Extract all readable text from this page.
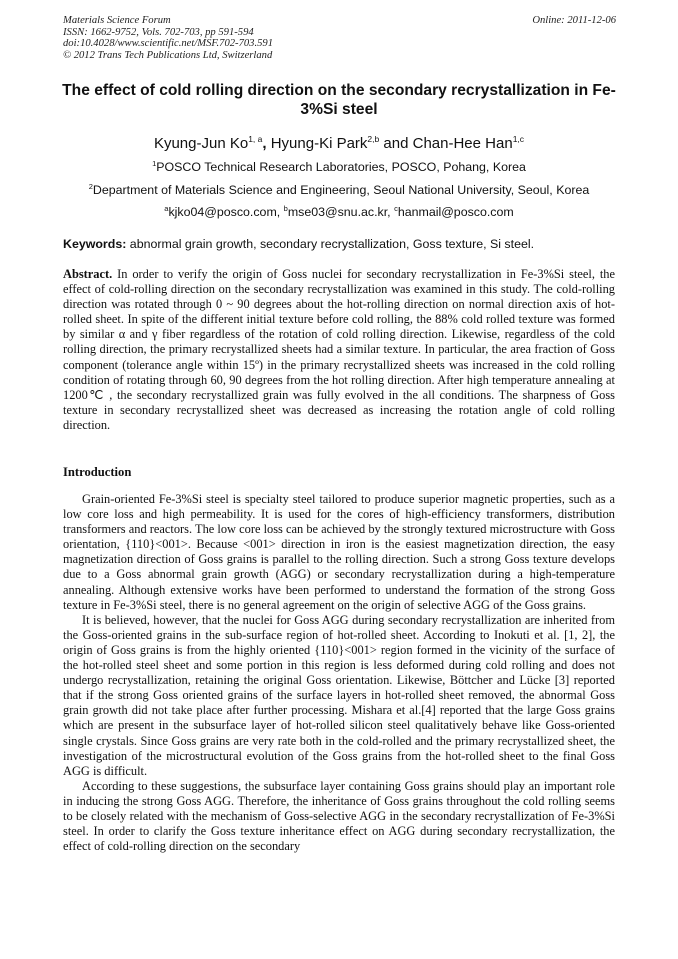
Materials Science Forum
ISSN: 1662-9752, Vols. 702-703, pp 591-594
doi:10.4028/www.scientific.net/MSF.702-703.591
© 2012 Trans Tech Publications Ltd, Switzerland
Online: 2011-12-06
The effect of cold rolling direction on the secondary recrystallization in Fe-3%Si steel
Kyung-Jun Ko$^{1, a}$, Hyung-Ki Park$^{2,b}$ and Chan-Hee Han$^{1,c}$
$^1$POSCO Technical Research Laboratories, POSCO, Pohang, Korea
$^2$Department of Materials Science and Engineering, Seoul National University, Seoul, Korea
$^a$kjko04@posco.com, $^b$mse03@snu.ac.kr, $^c$hanmail@posco.com
Keywords: abnormal grain growth, secondary recrystallization, Goss texture, Si steel.
Abstract. In order to verify the origin of Goss nuclei for secondary recrystallization in Fe-3%Si steel, the effect of cold-rolling direction on the secondary recrystallization was examined in this study. The cold-rolling direction was rotated through 0 ~ 90 degrees about the hot-rolling direction on normal direction axis of hot-rolled sheet. In spite of the different initial texture before cold rolling, the 88% cold rolled texture was formed by similar α and γ fiber regardless of the rotation of cold rolling direction. Likewise, regardless of the cold rolling direction, the primary recrystallized sheets had a similar texture. In particular, the area fraction of Goss component (tolerance angle within 15º) in the primary recrystallized sheets was increased in the cold rolling condition of rotating through 60, 90 degrees from the hot rolling direction. After high temperature annealing at 1200℃ , the secondary recrystallized grain was fully evolved in the all conditions. The sharpness of Goss texture in secondary recrystallized sheet was decreased as increasing the rotation angle of cold rolling direction.
Introduction

Grain-oriented Fe-3%Si steel is specialty steel tailored to produce superior magnetic properties, such as a low core loss and high permeability. It is used for the cores of high-efficiency transformers, distribution transformers and reactors. The low core loss can be achieved by the strongly textured microstructure with Goss orientation, {110}<001>. Because <001> direction in iron is the easiest magnetization direction, the easy magnetization direction of Goss grains is parallel to the rolling direction. Such a strong Goss texture develops due to a Goss abnormal grain growth (AGG) or secondary recrystallization during a high-temperature annealing. Although extensive works have been performed to understand the formation of the strong Goss texture in Fe-3%Si steel, there is no general agreement on the origin of selective AGG of the Goss grains.

It is believed, however, that the nuclei for Goss AGG during secondary recrystallization are inherited from the Goss-oriented grains in the sub-surface region of hot-rolled sheet. According to Inokuti et al. [1, 2], the origin of Goss grains is from the highly oriented {110}<001> region formed in the vicinity of the surface of the hot-rolled steel sheet and some portion in this region is less deformed during cold rolling and does not undergo recrystallization, retaining the original Goss orientation. Likewise, Böttcher and Lücke [3] reported that if the strong Goss oriented grains of the surface layers in hot-rolled sheet removed, the abnormal Goss grain growth did not take place after further processing. Mishara et al.[4] reported that the large Goss grains which are present in the subsurface layer of hot-rolled silicon steel qualitatively behave like Goss-oriented single crystals. Since Goss grains are very rate both in the cold-rolled and the primary recrystallized sheet, the investigation of the microstructural evolution of the Goss grains from the hot-rolled sheet to the final Goss AGG is difficult.

According to these suggestions, the subsurface layer containing Goss grains should play an important role in inducing the strong Goss AGG. Therefore, the inheritance of Goss grains throughout the cold rolling seems to be closely related with the mechanism of Goss-selective AGG in the secondary recrystallization of Fe-3%Si steel. In order to clarify the Goss texture inheritance effect on AGG during secondary recrystallization, the effect of cold-rolling direction on the secondary
